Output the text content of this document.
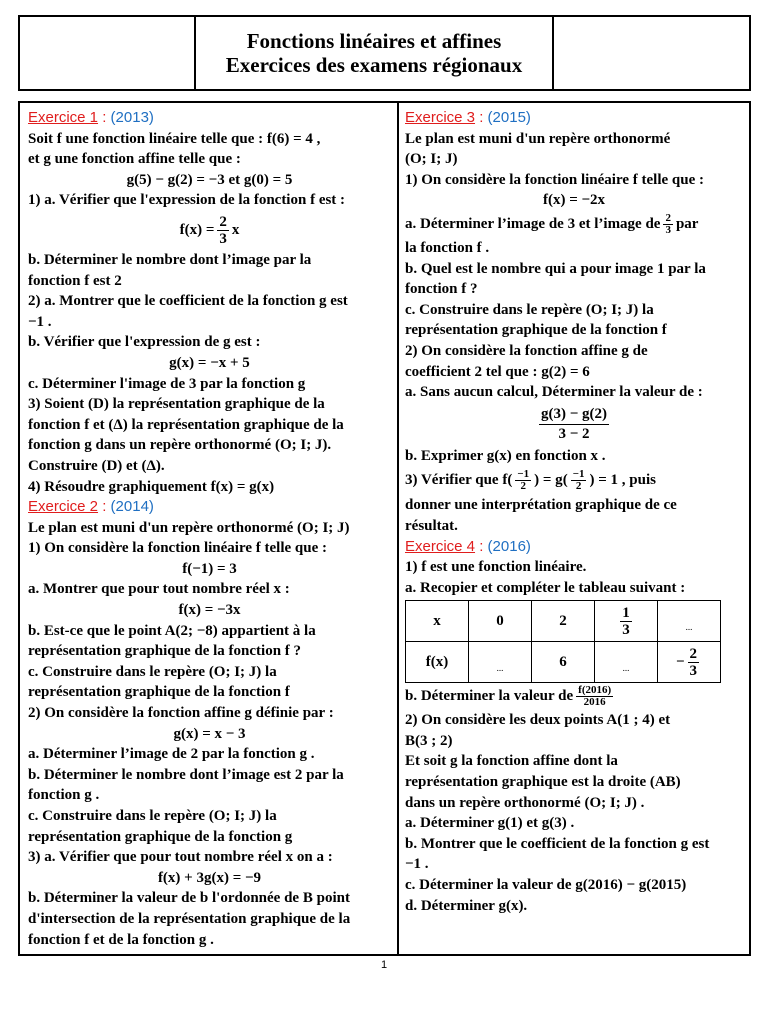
Fonctions linéaires et affines
Exercices des examens régionaux

Exercice 1 : (2013)

Soit f une fonction linéaire telle que : f(6) = 4 ,

et g une fonction affine telle que :

g(5) − g(2) = −3 et g(0) = 5

1) a. Vérifier que l'expression de la fonction f est :

$f(x) = \frac{2}{3}$ x

b. Déterminer le nombre dont l’image par la

fonction f est 2

2) a. Montrer que le coefficient de la fonction g est

−1 .

b. Vérifier que l'expression de g est :

g(x) = −x + 5

c. Déterminer l'image de 3 par la fonction g

3) Soient (D) la représentation graphique de la

fonction f et (Δ) la représentation graphique de la

fonction g dans un repère orthonormé (O; I; J).

Construire (D) et (Δ).

4) Résoudre graphiquement f(x) = g(x)

Exercice 2 : (2014)

Le plan est muni d'un repère orthonormé (O; I; J)

1) On considère la fonction linéaire f telle que :

f(−1) = 3

a. Montrer que pour tout nombre réel x :

f(x) = −3x

b. Est-ce que le point A(2; −8) appartient à la

représentation graphique de la fonction f ?

c. Construire dans le repère (O; I; J) la

représentation graphique de la fonction f

2) On considère la fonction affine g définie par :

g(x) = x − 3

a. Déterminer l’image de 2 par la fonction g .

b. Déterminer le nombre dont l’image est 2 par la

fonction g .

c. Construire dans le repère (O; I; J) la

représentation graphique de la fonction g

3) a. Vérifier que pour tout nombre réel x on a :

f(x) + 3g(x) = −9

b. Déterminer la valeur de b l'ordonnée de B point

d'intersection de la représentation graphique de la

fonction f et de la fonction g .

Exercice 3 : (2015)

Le plan est muni d'un repère orthonormé

(O; I; J)

1) On considère la fonction linéaire f telle que :

f(x) = −2x

a. Déterminer l’image de 3 et l’image de $\frac{2}{3}$ par

la fonction f .

b. Quel est le nombre qui a pour image 1 par la

fonction f ?

c. Construire dans le repère (O; I; J) la

représentation graphique de la fonction f

2) On considère la fonction affine g de

coefficient 2 tel que : g(2) = 6

a. Sans aucun calcul, Déterminer la valeur de :

$\frac{g(3) - g(2)}{3 - 2}$

b. Exprimer g(x) en fonction x .

3) Vérifier que $f( \frac{-1}{2}$ ) = $g( \frac{-1}{2}$ ) = 1 , puis

donner une interprétation graphique de ce

résultat.

Exercice 4 : (2016)

1) f est une fonction linéaire.

a. Recopier et compléter le tableau suivant :

x	0	2	$\frac{1}{3}$	...
f(x)	...	6	...	− $\frac{2}{3}$

b. Déterminer la valeur de $\frac{f(2016)}{2016}$

2) On considère les deux points A(1 ; 4) et

B(3 ; 2)

Et soit g la fonction affine dont la

représentation graphique est la droite (AB)

dans un repère orthonormé (O; I; J) .

a. Déterminer g(1) et g(3) .

b. Montrer que le coefficient de la fonction g est

−1 .

c. Déterminer la valeur de g(2016) − g(2015)

d. Déterminer g(x).

1
